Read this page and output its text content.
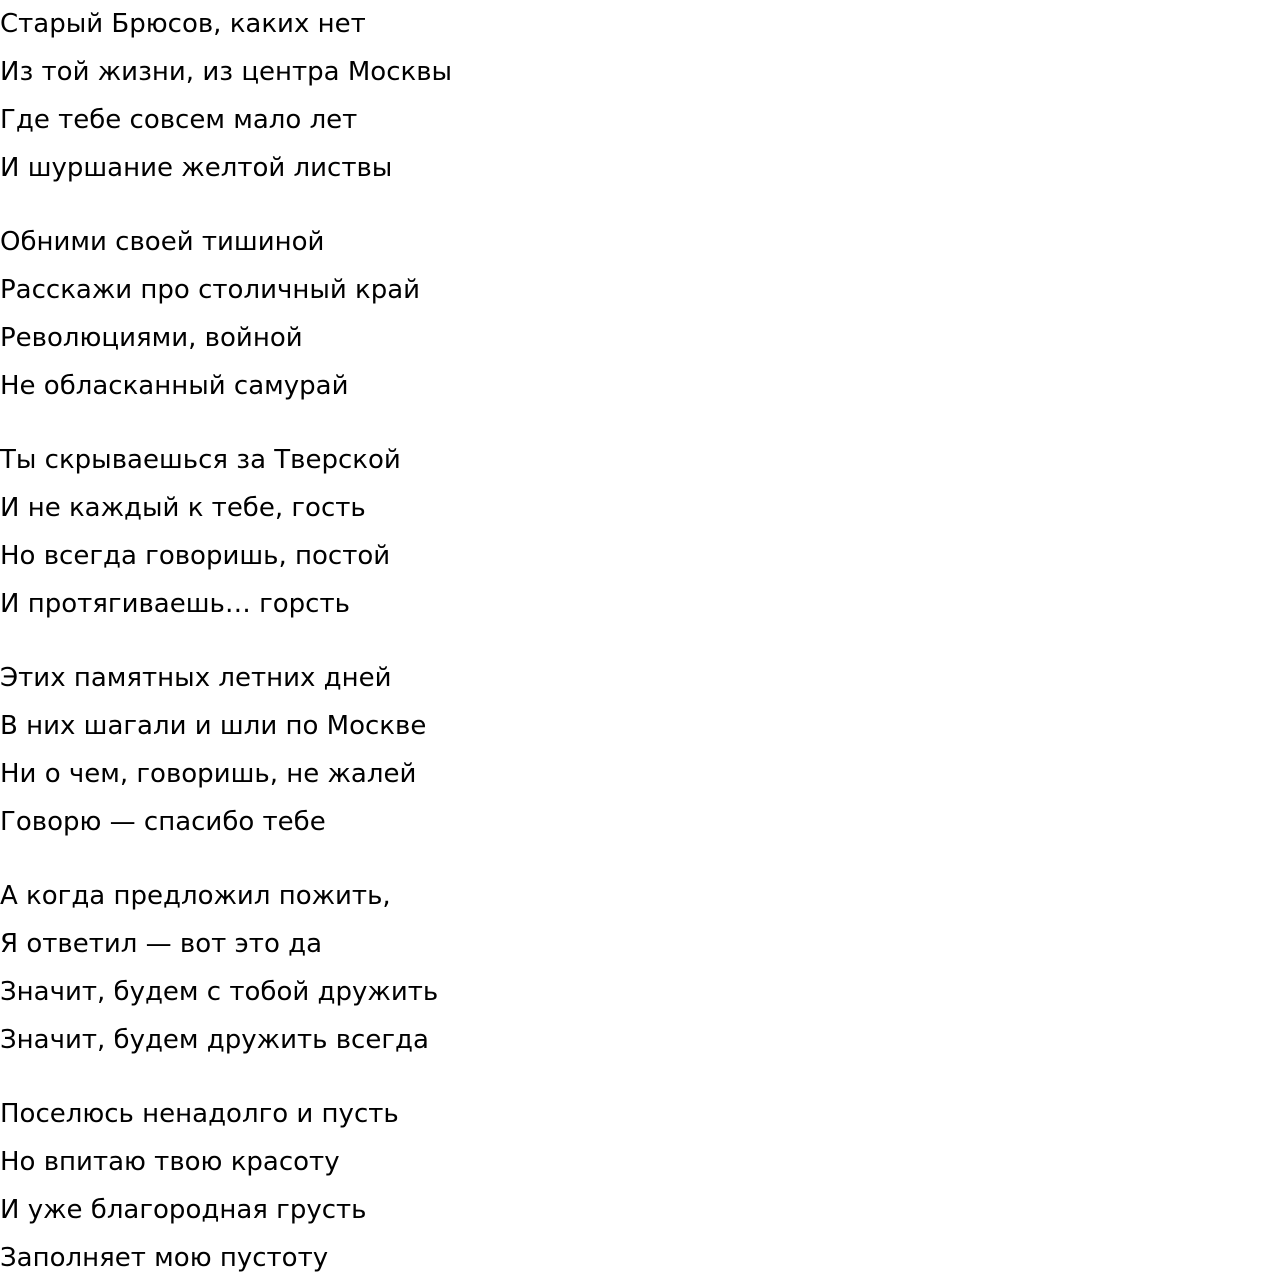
Старый Брюсов, каких нет
Из той жизни, из центра Москвы
Где тебе совсем мало лет
И шуршание желтой листвы
Обними своей тишиной
Расскажи про столичный край
Революциями, войной
Не обласканный самурай
Ты скрываешься за Тверской
И не каждый к тебе, гость
Но всегда говоришь, постой
И протягиваешь… горсть
Этих памятных летних дней
В них шагали и шли по Москве
Ни о чем, говоришь, не жалей
Говорю — спасибо тебе
А когда предложил пожить,
Я ответил — вот это да
Значит, будем с тобой дружить
Значит, будем дружить всегда
Поселюсь ненадолго и пусть
Но впитаю твою красоту
И уже благородная грусть
Заполняет мою пустоту
